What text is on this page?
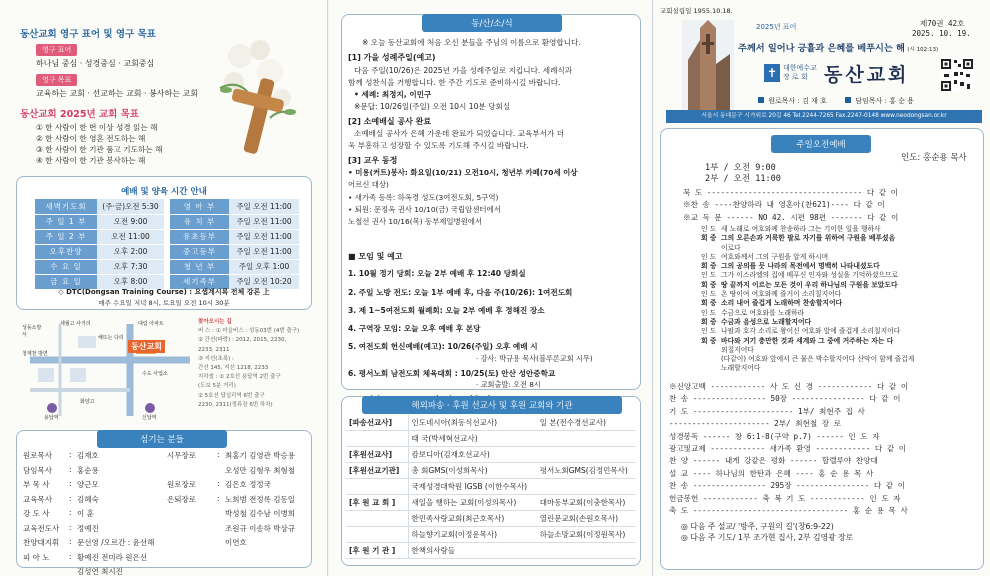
동산교회 영구 표어 및 영구 목표
영구 표어
하나님 중심 · 성경중심 · 교회중심
영구 목표
교육하는 교회 · 선교하는 교회 · 봉사하는 교회
동산교회 2025년 교회 목표
① 한 사람이 한 번 이상 성경 읽는 해
② 한 사람이 한 영혼 전도하는 해
③ 한 사람이 한 기관 품고 기도하는 해
④ 한 사람이 한 기관 봉사하는 해
예배 및 양육 시간 안내
새벽기도회	(주·금)오전 5:30	영 아 부	주일 오전 11:00
주 일 1 부	오전 9:00	유 치 부	주일 오전 11:00
주 일 2 부	오전 11:00	유초등부	주일 오전 11:00
오후찬양	오후 2:00	중고등부	주일 오전 11:00
수 요 일	오후 7:30	청 년 부	주일 오후 1:00
금 요 일	오후 8:00	세기족부	주일 오전 10:20
◇ DTC(Dongsan Training Course) : 요셉계시록 전체 강론 上
매주 수요일 저녁 8시, 토요일 오전 10시 30분
동산교회
성동소방서
세월고 사거리
해뜨는 다리
대림 아파트
수도 사업소
용답역	신답역
화양고
청계천 방면
찾아오시는 길
버 스 : ① 마을버스 : 성동03번 (4번 출구)
② 간선(파랑) : 2012, 2015, 2230,
2233, 2311
③ 지선(초록) :
간선 145, 지선 1218, 2233
지하철 : ① 2호선 용답역 2번 출구
(도보 5분 거리)
② 5호선 답십리역 6번 출구
2230, 2311(정류장 6번 하차)
섬기는 분들
원로목사	:	김재호	시무장로	:	최홍기 김영관 박승용
담임목사	:	홍순용			오성만 김형우 최형철
부 목 사	:	양근모	원로장로	:	김은호 정정국
교육목사	:	김혜숙	은퇴장로	:	노희범 전정록 김동일
강 도 사	:	이 훈			박성철 김수남 이병희
교육전도사	:	정예진			조원규 이송하 박상규
찬양대지휘	:	문선영 /오르간 : 윤선해			이연호
피 아 노	:	황예진 전미라 원은선			
		김성연 최시진			
동/산/소/식
※ 오늘 동산교회에 처음 오신 분들을 주님의 이름으로 환영합니다.
[1] 가을 성례주일(예고)
다음 주일(10/26)은 2025년 가을 성례주일로 지킵니다. 세례식과
함께 성찬식을 거행합니다. 한 주간 기도로 준비하시길 바랍니다.
• 세례: 최정지, 이민구
※문답: 10/26일(주일) 오전 10시 10분 당회실
[2] 소예배실 공사 완료
소예배실 공사가 은혜 가운데 완료가 되었습니다. 교육부서가 더
욱 부흥하고 성장할 수 있도록 기도해 주시길 바랍니다.
[3] 교우 동정
• 미용(커트)봉사: 화요일(10/21) 오전10시, 청년부 카페(70세 이상
어르신 대상)
• 새가족 등록: 하옥경 성도(3여전도회, 5구역)
• 퇴원: 문정옥 권사 10/10(금) 국립암센터에서
노철선 권사 10/16(목) 동부제일병원에서
■ 모임 및 예고
1. 10월 정기 당회: 오늘 2부 예배 후 12:40 당회실
2. 주일 노방 전도: 오늘 1부 예배 후, 다음 주(10/26): 1여전도회
3. 제 1~5여전도회 월례회: 오늘 2부 예배 후 정해진 장소
4. 구역장 모임: 오늘 오후 예배 후 본당
5. 여전도회 헌신예배(예고): 10/26(주일) 오후 예배 시
· 강사: 박규용 목사(블루론교회 시무)
6. 평서노회 남전도회 체육대회 : 10/25(토) 안산 성안중학교
· 교회출발: 오전 8시
해외파송 · 후원 선교사 및 후원 교회와 기관
[파송선교사]	인도네시아(최동식선교사)	일 본(전수경선교사)
	태 국(박세혁선교사)	
[후원선교사]	캄보디아(김재호선교사)	
[후원선교기관]	총 회GMS(이성희목사)	평서노회GMS(김정민목사)
	국제성경대학원 IGSB (이한수목사)	
[후 원 교 회 ]	새일을 행하는 교회(이성의목사)	대마동부교회(이충한목사)
	한민족사랑교회(최근호목사)	열린문교회(손원호목사)
	하늘향기교회(이정운목사)	하늘소망교회(이정원목사)
[후 원 기 관 ]	한책의사람들	
교회설립일 1955.10.18.
2025년 표어	제70권 42호
2025. 10. 19.
주께서 일어나 긍휼과 은혜를 베푸시는 해 (시 102:13)
✝ 대한예수교
장 로 회 동산교회
원로목사 : 김 재 호	담임목사 : 홍 순 용
서울시 동대문구 시가위로 20길 46 Tel.2244-7265 Fax.2247-0148 www.neodongsan.or.kr
주일오전예배
인도: 홍순용 목사
1부 / 오전 9:00
2부 / 오전 11:00
묵 도 ---------------------------------- 다 같 이
※찬 송 ----찬양하라 내 영혼아(찬621)---- 다 같 이
※교 독 문 ------ NO 42. 시편 98편 ------- 다 같 이
인 도 새 노래로 여호와께 찬송하라 그는 기이한 일을 행하사
회 중 그의 오른손과 거룩한 팔로 자기를 위하여 구원을 베푸셨음
이로다
인 도 여호와께서 그의 구원을 알게 하시며
회 중 그의 공의를 뭇 나라의 목전에서 명백히 나타내셨도다
인 도 그가 이스라엘의 집에 베푸신 인자와 성실을 기억하셨으므로
회 중 땅 끝까지 이르는 모든 것이 우리 하나님의 구원을 보았도다
인 도 온 땅이여 여호와께 즐거이 소리칠지어다
회 중 소리 내어 즐겁게 노래하며 찬송할지어다
인 도 수금으로 여호와를 노래하라
회 중 수금과 음성으로 노래할지어다
인 도 나팔과 호각 소리로 왕이신 여호와 앞에 즐겁게 소리칠지어다
회 중 바다와 거기 충만한 것과 세계와 그 중에 거주하는 자는 다
외칠지어다
(다같이) 여호와 앞에서 큰 물은 박수할지어다 산악이 함께 즐겁게
노래할지어다
※신앙고백 ------------ 사 도 신 경 ------------ 다 같 이
찬 송 ---------------- 50장 ---------------- 다 같 이
기 도 ---------------------- 1부/ 최현주 집 사
---------------------- 2부/ 최현철 장 로
성경봉독 ------ 창 6:1-8(구약 p.7) ------ 인 도 자
광고및교제 ------------ 새가족 환영 ------------ 다 같 이
찬 양 ------ 내게 강같은 평화 ------ 할렐루야 찬양대
설 교 ---- 하나님의 한탄과 은혜 ---- 홍 순 용 목 사
찬 송 ---------------- 295장 ---------------- 다 같 이
헌금봉헌 ------------ 축 복 기 도 ------------ 인 도 자
축 도 ---------------------------------- 홍 순 용 목 사
◎ 다음 주 설교/ '방주, 구원의 길'(창6:9-22)
◎ 다음 주 기도/ 1부 조가현 집사, 2부 김영광 장로
